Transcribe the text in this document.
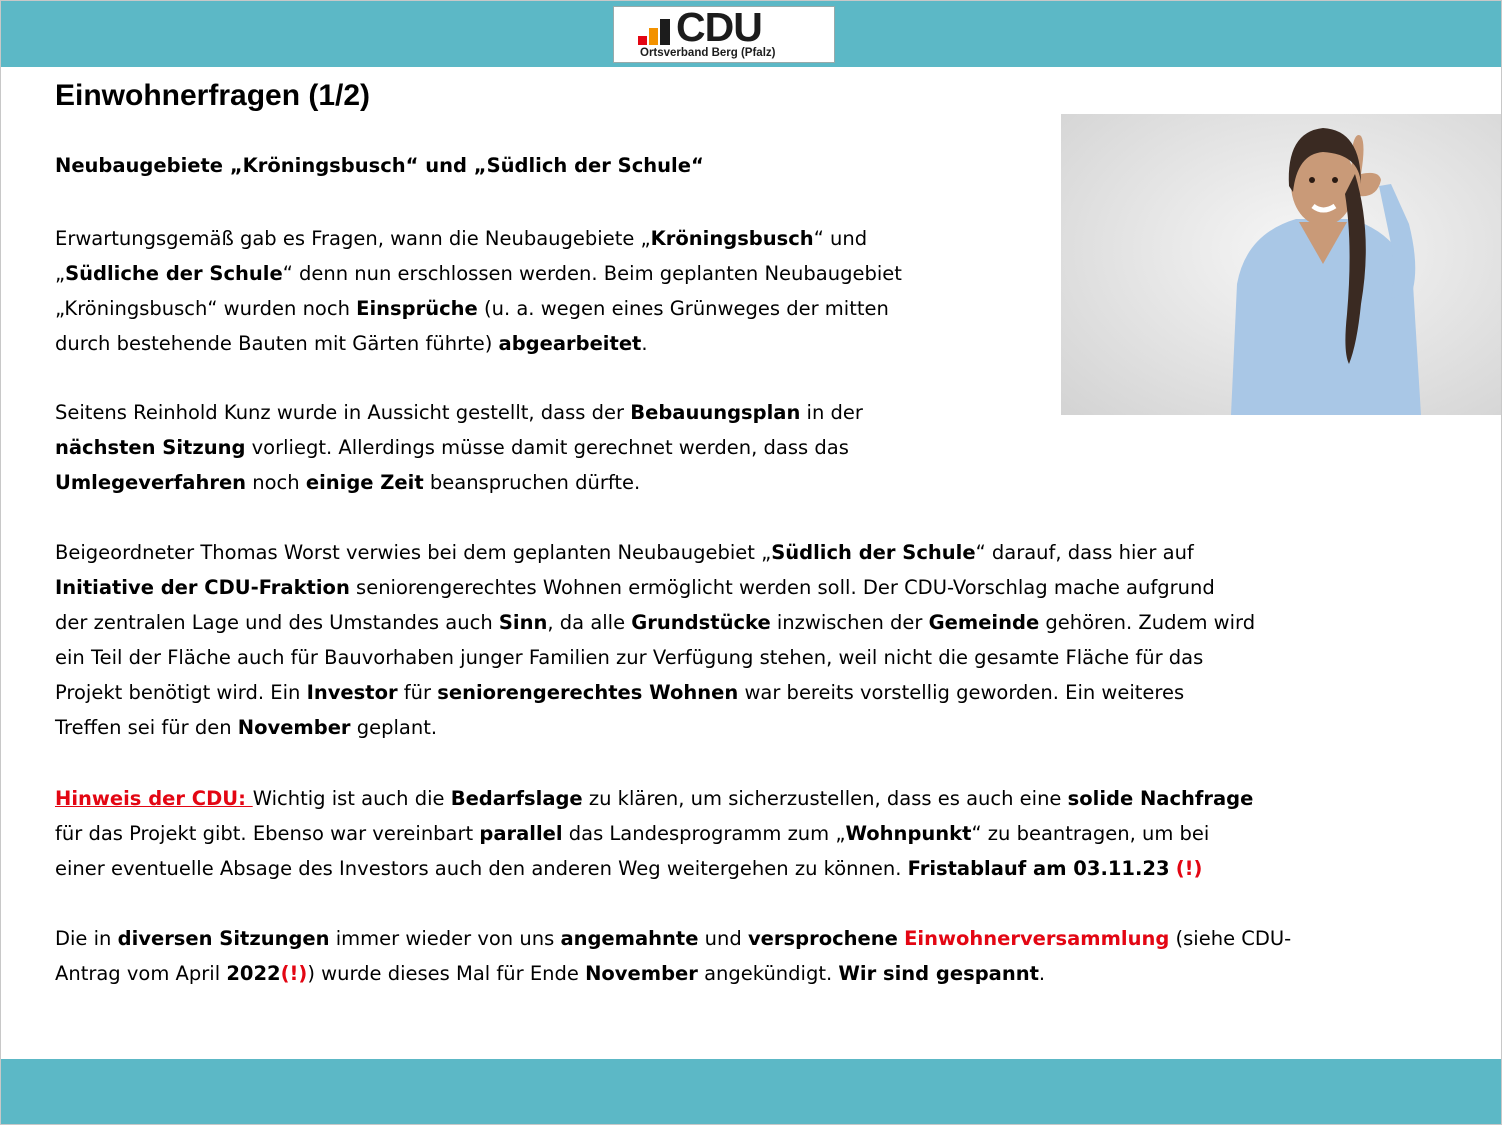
CDU
Ortsverband Berg (Pfalz)
Einwohnerfragen (1/2)
Neubaugebiete „Kröningsbusch“ und „Südlich der Schule“

Erwartungsgemäß gab es Fragen, wann die Neubaugebiete „Kröningsbusch“ und
„Südliche der Schule“ denn nun erschlossen werden. Beim geplanten Neubaugebiet
„Kröningsbusch“ wurden noch Einsprüche (u. a. wegen eines Grünweges der mitten
durch bestehende Bauten mit Gärten führte) abgearbeitet.

Seitens Reinhold Kunz wurde in Aussicht gestellt, dass der Bebauungsplan in der
nächsten Sitzung vorliegt. Allerdings müsse damit gerechnet werden, dass das
Umlegeverfahren noch einige Zeit beanspruchen dürfte.

Beigeordneter Thomas Worst verwies bei dem geplanten Neubaugebiet „Südlich der Schule“ darauf, dass hier auf
Initiative der CDU-Fraktion seniorengerechtes Wohnen ermöglicht werden soll. Der CDU-Vorschlag mache aufgrund
der zentralen Lage und des Umstandes auch Sinn, da alle Grundstücke inzwischen der Gemeinde gehören. Zudem wird
ein Teil der Fläche auch für Bauvorhaben junger Familien zur Verfügung stehen, weil nicht die gesamte Fläche für das
Projekt benötigt wird. Ein Investor für seniorengerechtes Wohnen war bereits vorstellig geworden. Ein weiteres
Treffen sei für den November geplant.

Hinweis der CDU: Wichtig ist auch die Bedarfslage zu klären, um sicherzustellen, dass es auch eine solide Nachfrage
für das Projekt gibt. Ebenso war vereinbart parallel das Landesprogramm zum „Wohnpunkt“ zu beantragen, um bei
einer eventuelle Absage des Investors auch den anderen Weg weitergehen zu können. Fristablauf am 03.11.23 (!)

Die in diversen Sitzungen immer wieder von uns angemahnte und versprochene Einwohnerversammlung (siehe CDU-
Antrag vom April 2022(!)) wurde dieses Mal für Ende November angekündigt. Wir sind gespannt.
